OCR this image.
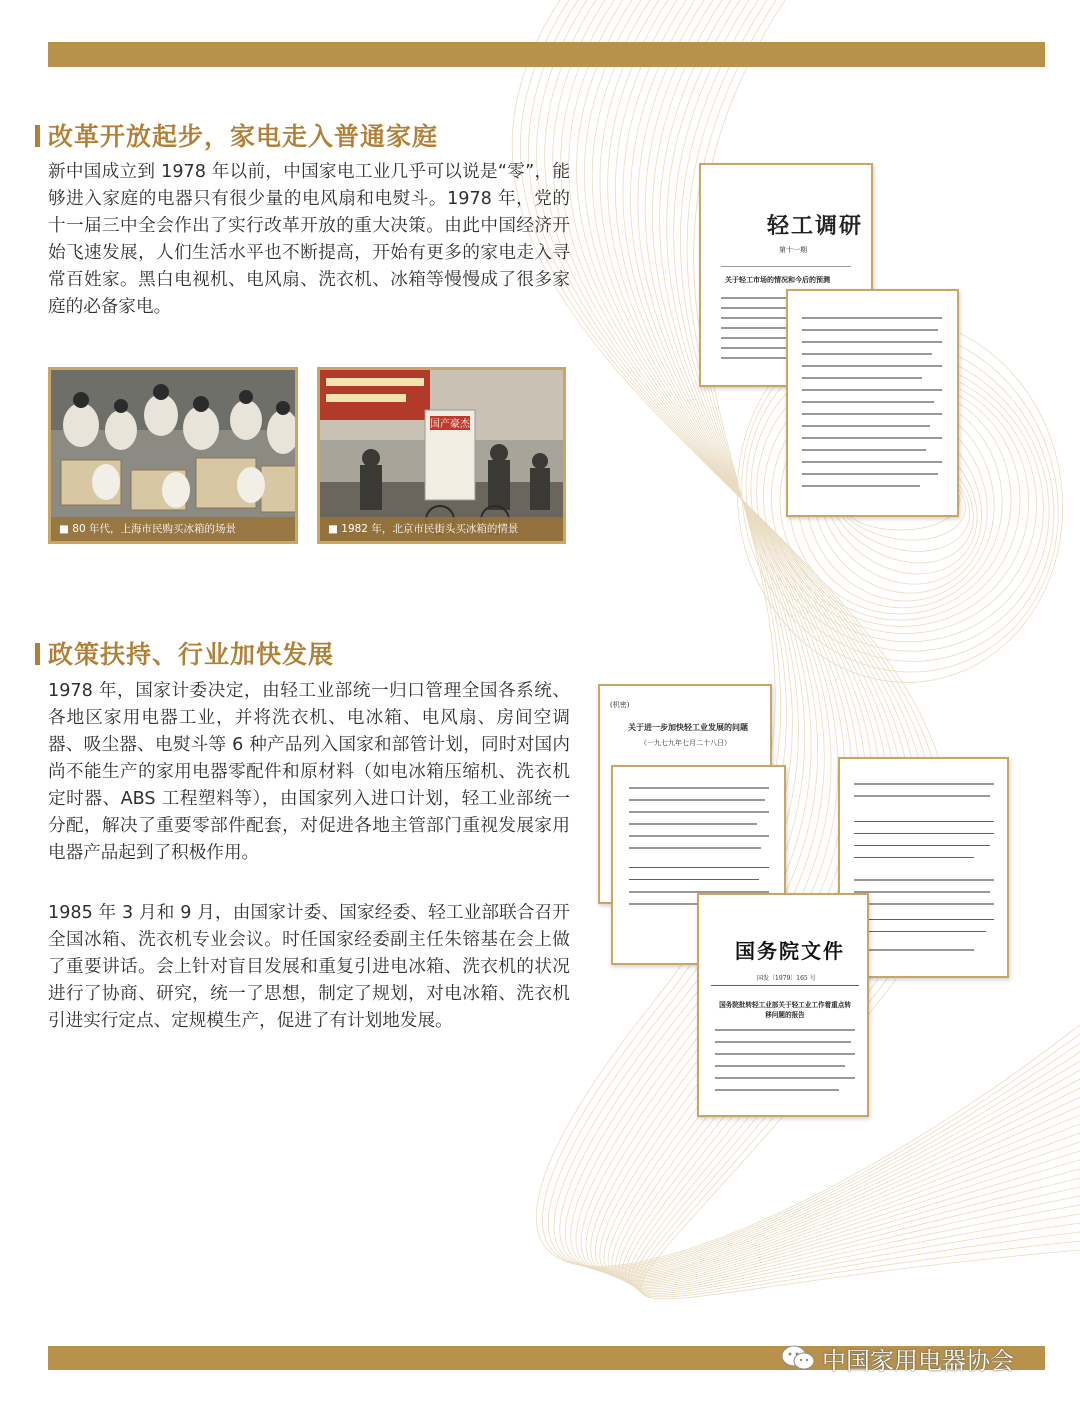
改革开放起步，家电走入普通家庭

新中国成立到 1978 年以前，中国家电工业几乎可以说是“零”，能够进入家庭的电器只有很少量的电风扇和电熨斗。1978 年，党的十一届三中全会作出了实行改革开放的重大决策。由此中国经济开始飞速发展，人们生活水平也不断提高，开始有更多的家电走入寻常百姓家。黑白电视机、电风扇、洗衣机、冰箱等慢慢成了很多家庭的必备家电。

■ 80 年代，上海市民购买冰箱的场景
国产豪杰
■ 1982 年，北京市民街头买冰箱的情景
轻工调研
第十一期
关于轻工市场的情况和今后的预测
政策扶持、行业加快发展

1978 年，国家计委决定，由轻工业部统一归口管理全国各系统、各地区家用电器工业，并将洗衣机、电冰箱、电风扇、房间空调器、吸尘器、电熨斗等 6 种产品列入国家和部管计划，同时对国内尚不能生产的家用电器零配件和原材料（如电冰箱压缩机、洗衣机定时器、ABS 工程塑料等），由国家列入进口计划，轻工业部统一分配，解决了重要零部件配套，对促进各地主管部门重视发展家用电器产品起到了积极作用。

1985 年 3 月和 9 月，由国家计委、国家经委、轻工业部联合召开全国冰箱、洗衣机专业会议。时任国家经委副主任朱镕基在会上做了重要讲话。会上针对盲目发展和重复引进电冰箱、洗衣机的状况进行了协商、研究，统一了思想，制定了规划，对电冰箱、洗衣机引进实行定点、定规模生产，促进了有计划地发展。

(机密)
关于进一步加快轻工业发展的问题
（一九七九年七月二十八日）
国务院文件
国发〔1979〕165 号
国务院批转轻工业部关于轻工业工作着重点转移问题的报告
中国家用电器协会
